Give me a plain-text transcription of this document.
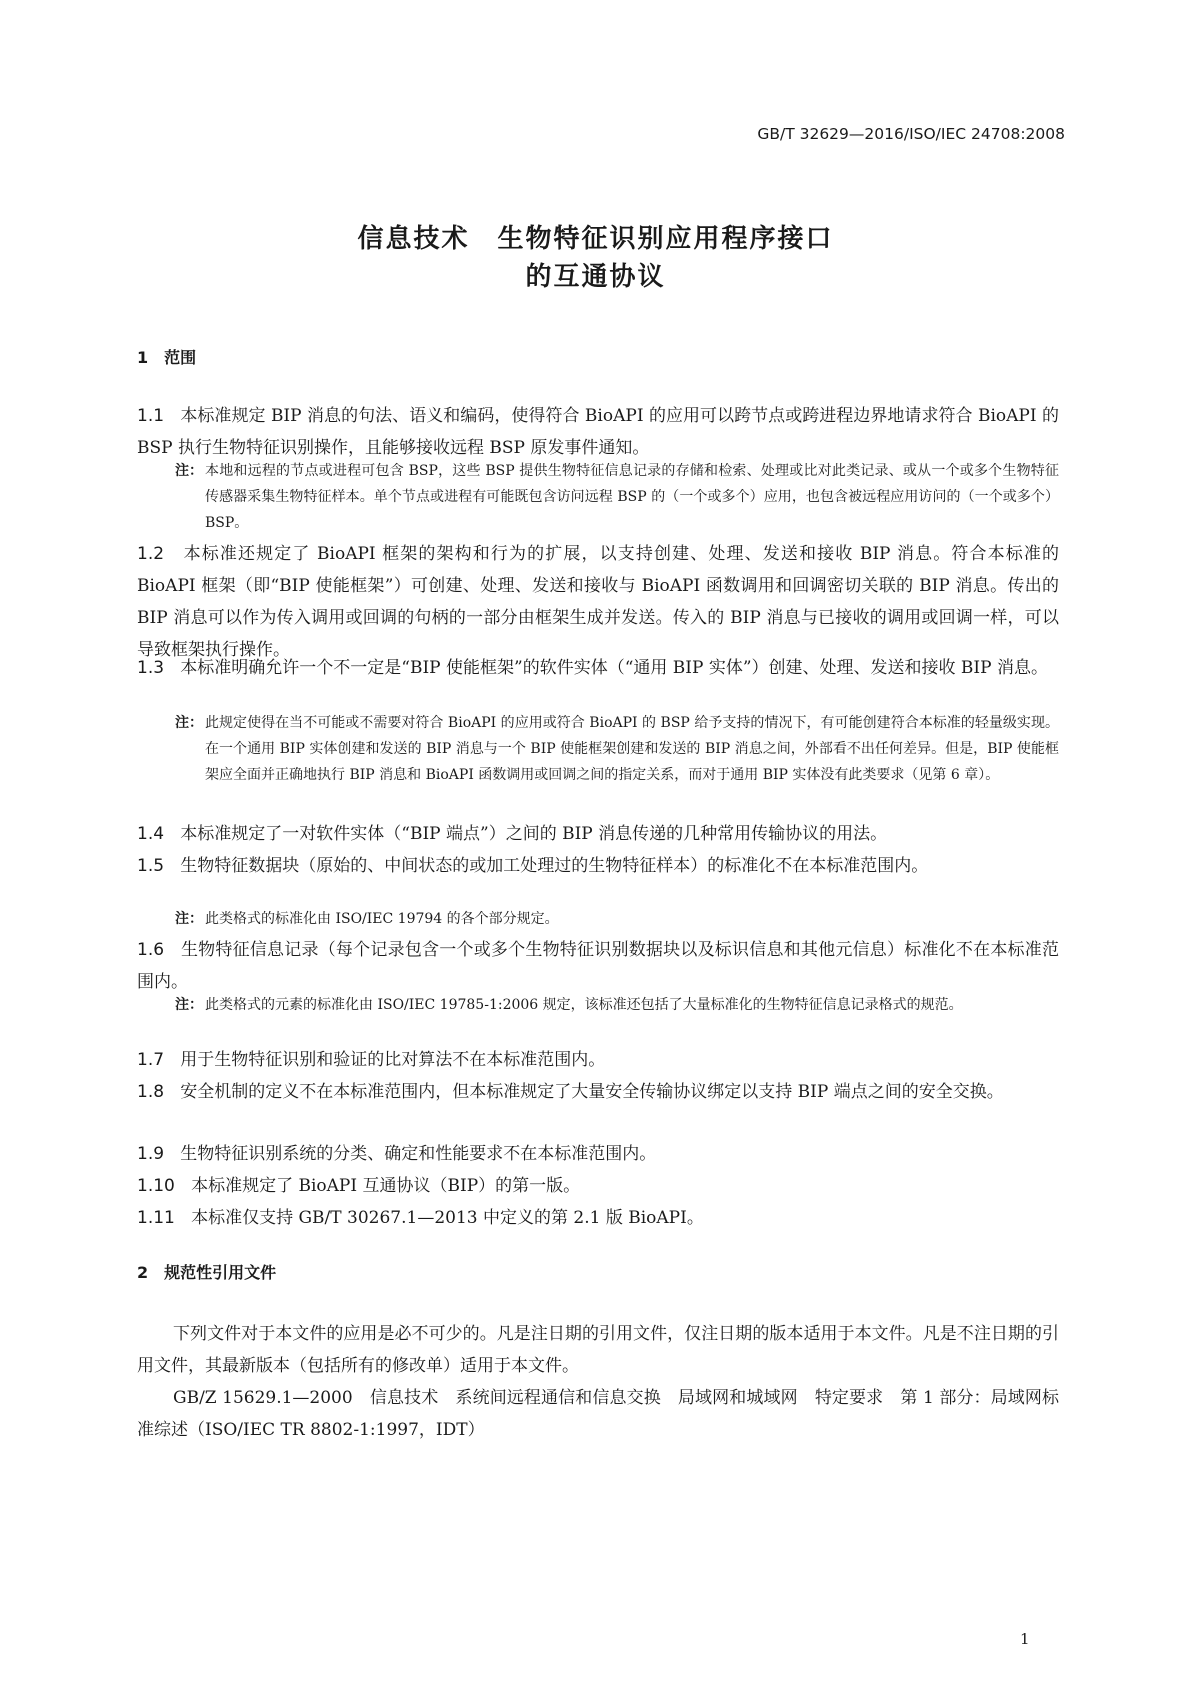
GB/T 32629—2016/ISO/IEC 24708:2008
信息技术　生物特征识别应用程序接口
的互通协议
1　范围
1.1 本标准规定 BIP 消息的句法、语义和编码，使得符合 BioAPI 的应用可以跨节点或跨进程边界地请求符合 BioAPI 的 BSP 执行生物特征识别操作，且能够接收远程 BSP 原发事件通知。
注： 本地和远程的节点或进程可包含 BSP，这些 BSP 提供生物特征信息记录的存储和检索、处理或比对此类记录、或从一个或多个生物特征传感器采集生物特征样本。单个节点或进程有可能既包含访问远程 BSP 的（一个或多个）应用，也包含被远程应用访问的（一个或多个）BSP。
1.2 本标准还规定了 BioAPI 框架的架构和行为的扩展，以支持创建、处理、发送和接收 BIP 消息。符合本标准的 BioAPI 框架（即“BIP 使能框架”）可创建、处理、发送和接收与 BioAPI 函数调用和回调密切关联的 BIP 消息。传出的 BIP 消息可以作为传入调用或回调的句柄的一部分由框架生成并发送。传入的 BIP 消息与已接收的调用或回调一样，可以导致框架执行操作。
1.3 本标准明确允许一个不一定是“BIP 使能框架”的软件实体（“通用 BIP 实体”）创建、处理、发送和接收 BIP 消息。
注： 此规定使得在当不可能或不需要对符合 BioAPI 的应用或符合 BioAPI 的 BSP 给予支持的情况下，有可能创建符合本标准的轻量级实现。在一个通用 BIP 实体创建和发送的 BIP 消息与一个 BIP 使能框架创建和发送的 BIP 消息之间，外部看不出任何差异。但是，BIP 使能框架应全面并正确地执行 BIP 消息和 BioAPI 函数调用或回调之间的指定关系，而对于通用 BIP 实体没有此类要求（见第 6 章）。
1.4 本标准规定了一对软件实体（“BIP 端点”）之间的 BIP 消息传递的几种常用传输协议的用法。
1.5 生物特征数据块（原始的、中间状态的或加工处理过的生物特征样本）的标准化不在本标准范围内。
注： 此类格式的标准化由 ISO/IEC 19794 的各个部分规定。
1.6 生物特征信息记录（每个记录包含一个或多个生物特征识别数据块以及标识信息和其他元信息）标准化不在本标准范围内。
注： 此类格式的元素的标准化由 ISO/IEC 19785-1:2006 规定，该标准还包括了大量标准化的生物特征信息记录格式的规范。
1.7 用于生物特征识别和验证的比对算法不在本标准范围内。
1.8 安全机制的定义不在本标准范围内，但本标准规定了大量安全传输协议绑定以支持 BIP 端点之间的安全交换。
1.9 生物特征识别系统的分类、确定和性能要求不在本标准范围内。
1.10 本标准规定了 BioAPI 互通协议（BIP）的第一版。
1.11 本标准仅支持 GB/T 30267.1—2013 中定义的第 2.1 版 BioAPI。
2　规范性引用文件
下列文件对于本文件的应用是必不可少的。凡是注日期的引用文件，仅注日期的版本适用于本文件。凡是不注日期的引用文件，其最新版本（包括所有的修改单）适用于本文件。
GB/Z 15629.1—2000　信息技术　系统间远程通信和信息交换　局域网和城域网　特定要求　第 1 部分：局域网标准综述（ISO/IEC TR 8802-1:1997，IDT）
1
